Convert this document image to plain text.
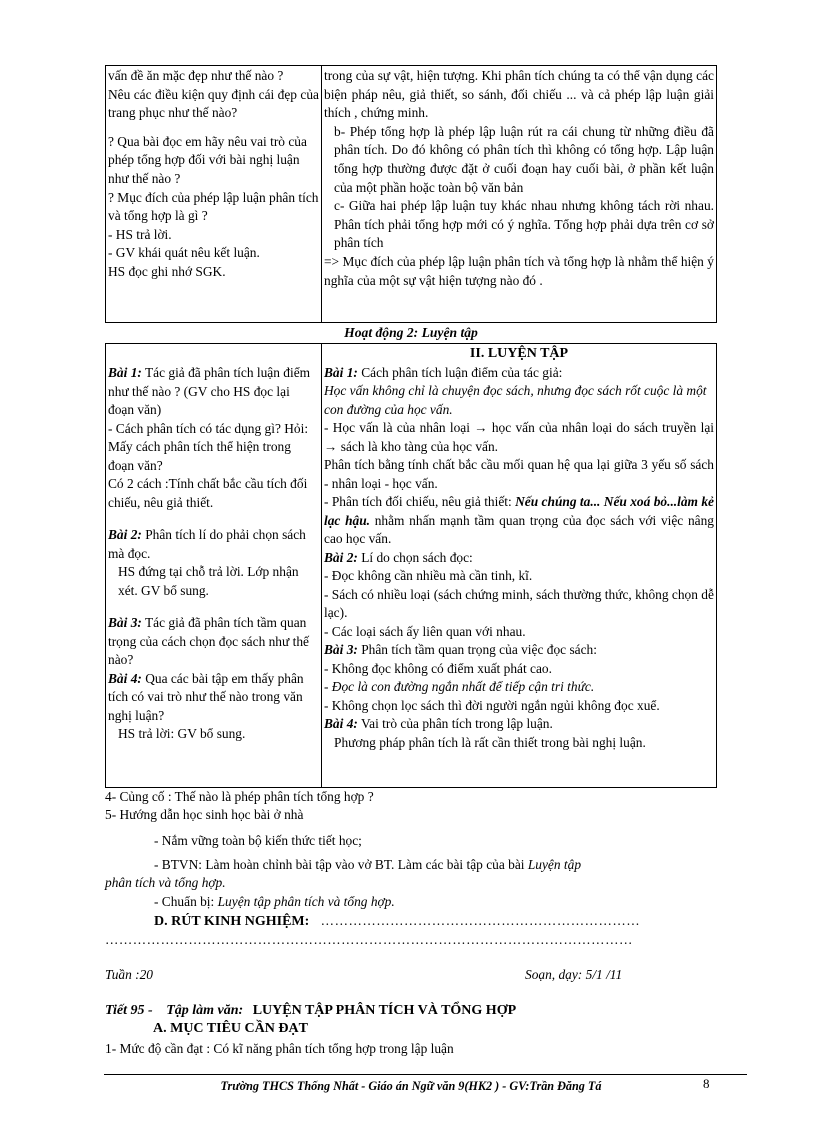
vấn đề ăn mặc đẹp như thế nào ?

Nêu các điều kiện quy định cái đẹp của trang phục như thế nào?

? Qua bài đọc em hãy nêu vai trò của phép tổng hợp đối với bài nghị luận như thế nào ?

? Mục đích của phép lập luận phân tích và tổng hợp là gì ?

- HS trả lời.

- GV khái quát nêu kết luận.

HS đọc ghi nhớ SGK.

trong của sự vật, hiện tượng. Khi phân tích chúng ta có thể vận dụng các biện pháp nêu, giả thiết, so sánh, đối chiếu ... và cả phép lập luận giải thích , chứng minh.

b- Phép tổng hợp là phép lập luận rút ra cái chung từ những điều đã phân tích. Do đó không có phân tích thì không có tổng hợp. Lập luận tổng hợp thường được đặt ở cuối đoạn hay cuối bài, ở phần kết luận của một phần hoặc toàn bộ văn bản

c- Giữa hai phép lập luận tuy khác nhau nhưng không tách rời nhau. Phân tích phải tổng hợp mới có ý nghĩa. Tổng hợp phải dựa trên cơ sở phân tích

=> Mục đích của phép lập luận phân tích và tổng hợp là nhằm thể hiện ý nghĩa của một sự vật hiện tượng nào đó .

Hoạt động 2: Luyện tập

Bài 1: Tác giả đã phân tích luận điểm như thế nào ? (GV cho HS đọc lại đoạn văn)

- Cách phân tích có tác dụng gì? Hỏi: Mấy cách phân tích thể hiện trong đoạn văn?

Có 2 cách :Tính chất bắc cầu tích đối chiếu, nêu giả thiết.

Bài 2: Phân tích lí do phải chọn sách mà đọc.

HS đứng tại chỗ trả lời. Lớp nhận xét. GV bổ sung.

Bài 3: Tác giả đã phân tích tầm quan trọng của cách chọn đọc sách như thế nào?

Bài 4: Qua các bài tập em thấy phân tích có vai trò như thế nào trong văn nghị luận?

HS trả lời: GV bổ sung.

II. LUYỆN TẬP

Bài 1: Cách phân tích luận điểm của tác giả:

Học vấn không chỉ là chuyện đọc sách, nhưng đọc sách rốt cuộc là một con đường của học vấn.

- Học vấn là của nhân loại → học vấn của nhân loại do sách truyền lại → sách là kho tàng của học vấn.

Phân tích bằng tính chất bắc cầu mối quan hệ qua lại giữa 3 yếu số sách - nhân loại - học vấn.

- Phân tích đối chiếu, nêu giả thiết: Nếu chúng ta... Nếu xoá bỏ...làm kẻ lạc hậu. nhằm nhấn mạnh tầm quan trọng của đọc sách với việc nâng cao học vấn.

Bài 2: Lí do chọn sách đọc:

- Đọc không cần nhiều mà cần tinh, kĩ.

- Sách có nhiều loại (sách chứng minh, sách thường thức, không chọn dễ lạc).

- Các loại sách ấy liên quan với nhau.

Bài 3: Phân tích tầm quan trọng của việc đọc sách:

- Không đọc không có điểm xuất phát cao.

- Đọc là con đường ngắn nhất để tiếp cận tri thức.

- Không chọn lọc sách thì đời người ngắn ngủi không đọc xuể.

Bài 4: Vai trò của phân tích trong lập luận.

Phương pháp phân tích là rất cần thiết trong bài nghị luận.

4- Củng cố : Thế nào là phép phân tích tổng hợp ?
5- Hướng dẫn học sinh học bài ở nhà
- Nắm vững toàn bộ kiến thức tiết học;
- BTVN: Làm hoàn chỉnh bài tập vào vở BT. Làm các bài tập của bài Luyện tập
phân tích và tổng hợp.
- Chuẩn bị: Luyện tập phân tích và tổng hợp.
D. RÚT KINH NGHIỆM: ……………………………………………………………
……………………………………………………………………………………………………
Tuần :20	Soạn, dạy: 5/1 /11
Tiết 95 - Tập làm văn: LUYỆN TẬP PHÂN TÍCH VÀ TỔNG HỢP
A. MỤC TIÊU CẦN ĐẠT
1- Mức độ cần đạt : Có kĩ năng phân tích tổng hợp trong lập luận
Trường THCS Thống Nhất - Giáo án Ngữ văn 9(HK2 ) - GV:Trần Đăng Tá	8
